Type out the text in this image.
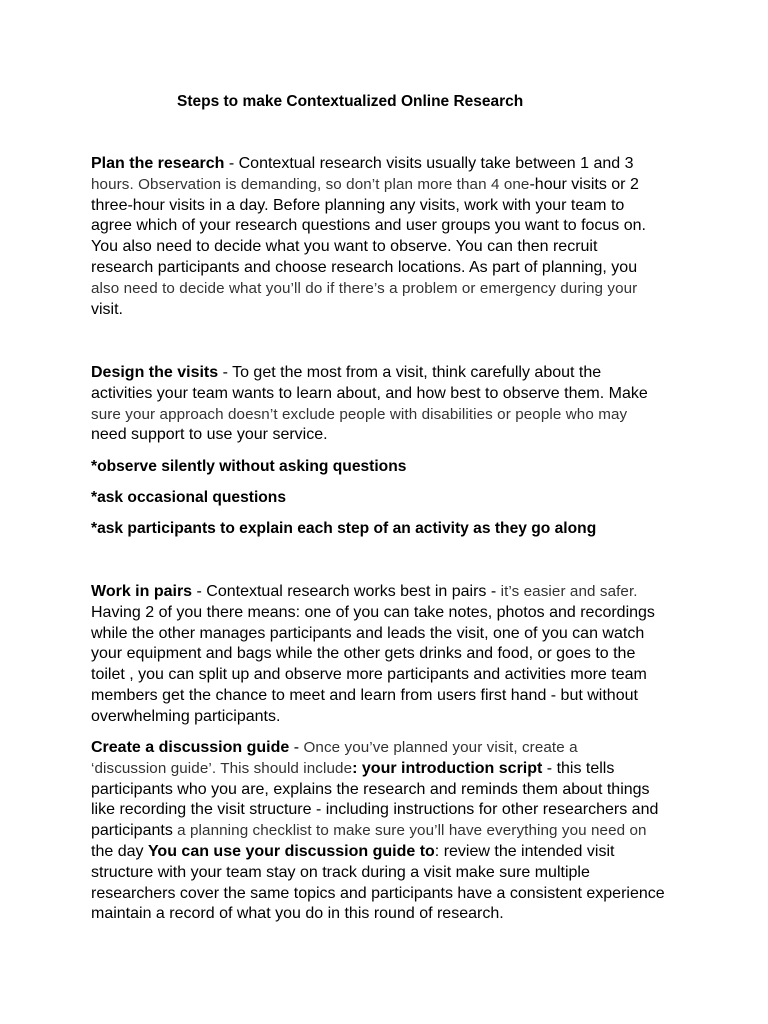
Steps to make Contextualized Online Research
Plan the research - Contextual research visits usually take between 1 and 3
hours. Observation is demanding, so don’t plan more than 4 one-hour visits or 2
three-hour visits in a day. Before planning any visits, work with your team to
agree which of your research questions and user groups you want to focus on.
You also need to decide what you want to observe. You can then recruit
research participants and choose research locations. As part of planning, you
also need to decide what you’ll do if there’s a problem or emergency during your
visit.
Design the visits - To get the most from a visit, think carefully about the
activities your team wants to learn about, and how best to observe them. Make
sure your approach doesn’t exclude people with disabilities or people who may
need support to use your service.
*observe silently without asking questions
*ask occasional questions
*ask participants to explain each step of an activity as they go along
Work in pairs - Contextual research works best in pairs - it’s easier and safer.
Having 2 of you there means: one of you can take notes, photos and recordings
while the other manages participants and leads the visit, one of you can watch
your equipment and bags while the other gets drinks and food, or goes to the
toilet , you can split up and observe more participants and activities more team
members get the chance to meet and learn from users first hand - but without
overwhelming participants.
Create a discussion guide - Once you’ve planned your visit, create a
‘discussion guide’. This should include: your introduction script - this tells
participants who you are, explains the research and reminds them about things
like recording the visit structure - including instructions for other researchers and
participants a planning checklist to make sure you’ll have everything you need on
the day You can use your discussion guide to: review the intended visit
structure with your team stay on track during a visit make sure multiple
researchers cover the same topics and participants have a consistent experience
maintain a record of what you do in this round of research.
